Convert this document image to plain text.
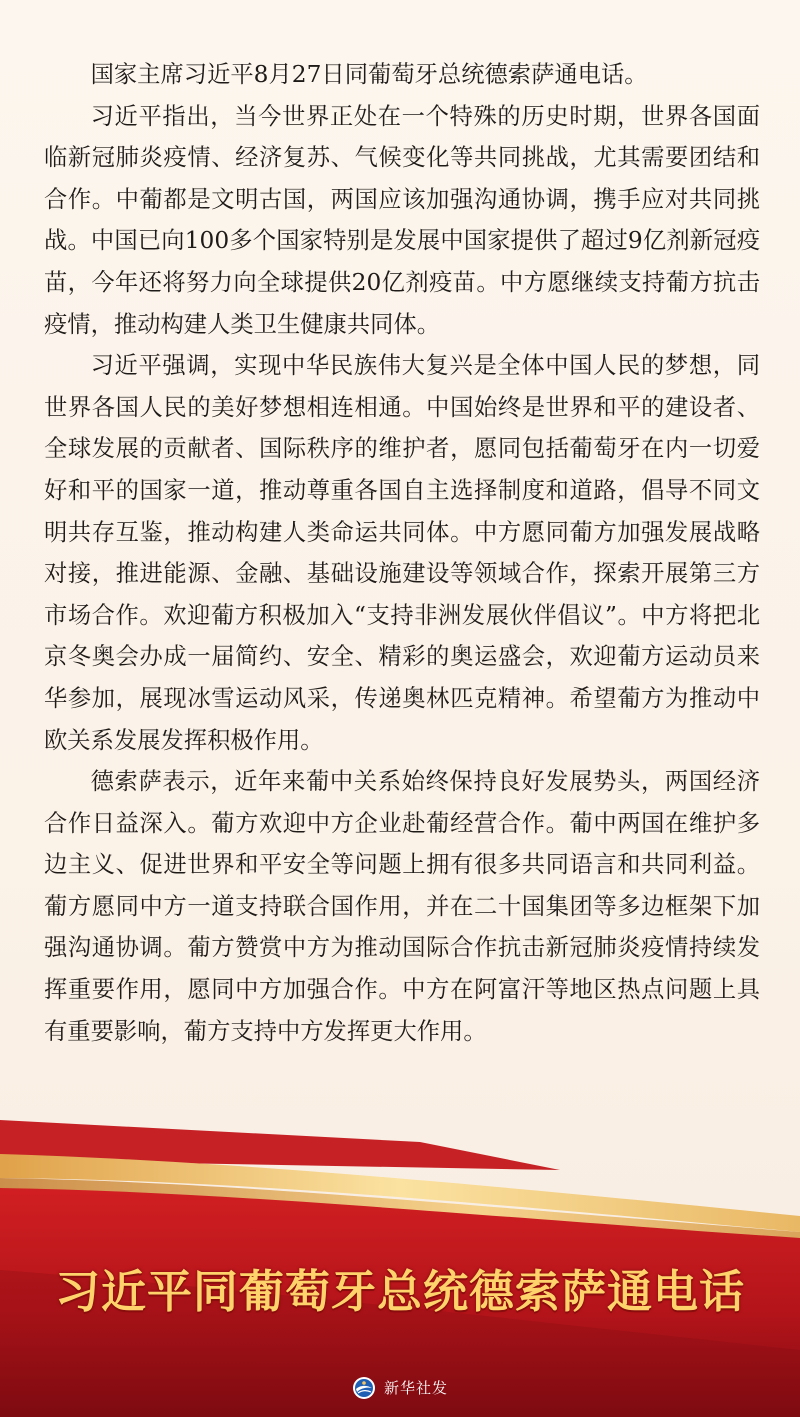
国家主席习近平8月27日同葡萄牙总统德索萨通电话。

习近平指出，当今世界正处在一个特殊的历史时期，世界各国面临新冠肺炎疫情、经济复苏、气候变化等共同挑战，尤其需要团结和合作。中葡都是文明古国，两国应该加强沟通协调，携手应对共同挑战。中国已向100多个国家特别是发展中国家提供了超过9亿剂新冠疫苗，今年还将努力向全球提供20亿剂疫苗。中方愿继续支持葡方抗击疫情，推动构建人类卫生健康共同体。

习近平强调，实现中华民族伟大复兴是全体中国人民的梦想，同世界各国人民的美好梦想相连相通。中国始终是世界和平的建设者、全球发展的贡献者、国际秩序的维护者，愿同包括葡萄牙在内一切爱好和平的国家一道，推动尊重各国自主选择制度和道路，倡导不同文明共存互鉴，推动构建人类命运共同体。中方愿同葡方加强发展战略对接，推进能源、金融、基础设施建设等领域合作，探索开展第三方市场合作。欢迎葡方积极加入“支持非洲发展伙伴倡议”。中方将把北京冬奥会办成一届简约、安全、精彩的奥运盛会，欢迎葡方运动员来华参加，展现冰雪运动风采，传递奥林匹克精神。希望葡方为推动中欧关系发展发挥积极作用。

德索萨表示，近年来葡中关系始终保持良好发展势头，两国经济合作日益深入。葡方欢迎中方企业赴葡经营合作。葡中两国在维护多边主义、促进世界和平安全等问题上拥有很多共同语言和共同利益。葡方愿同中方一道支持联合国作用，并在二十国集团等多边框架下加强沟通协调。葡方赞赏中方为推动国际合作抗击新冠肺炎疫情持续发挥重要作用，愿同中方加强合作。中方在阿富汗等地区热点问题上具有重要影响，葡方支持中方发挥更大作用。

习近平同葡萄牙总统德索萨通电话
新华社发
